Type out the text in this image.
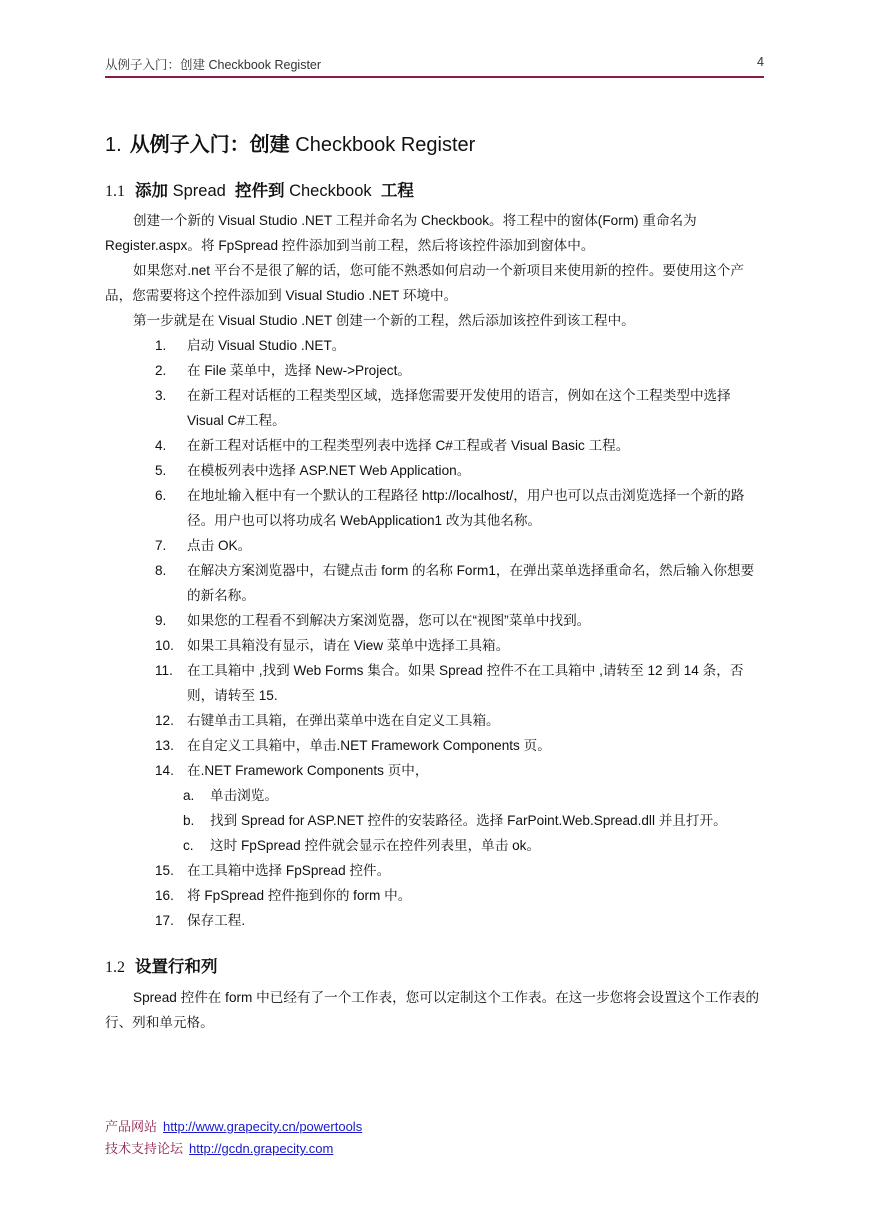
从例子入门：创建 Checkbook Register	4
1. 从例子入门：创建 Checkbook Register
1.1 添加 Spread 控件到 Checkbook 工程
创建一个新的 Visual Studio .NET 工程并命名为 Checkbook。将工程中的窗体(Form) 重命名为 Register.aspx。将 FpSpread 控件添加到当前工程，然后将该控件添加到窗体中。
如果您对.net 平台不是很了解的话，您可能不熟悉如何启动一个新项目来使用新的控件。要使用这个产品，您需要将这个控件添加到 Visual Studio .NET 环境中。
第一步就是在 Visual Studio .NET 创建一个新的工程，然后添加该控件到该工程中。
1. 启动 Visual Studio .NET。
2. 在 File 菜单中，选择 New->Project。
3. 在新工程对话框的工程类型区域，选择您需要开发使用的语言，例如在这个工程类型中选择 Visual C#工程。
4. 在新工程对话框中的工程类型列表中选择 C#工程或者 Visual Basic 工程。
5. 在模板列表中选择 ASP.NET Web Application。
6. 在地址输入框中有一个默认的工程路径 http://localhost/，用户也可以点击浏览选择一个新的路径。用户也可以将功成名 WebApplication1 改为其他名称。
7. 点击 OK。
8. 在解决方案浏览器中，右键点击 form 的名称 Form1，在弹出菜单选择重命名，然后输入你想要的新名称。
9. 如果您的工程看不到解决方案浏览器，您可以在“视图”菜单中找到。
10. 如果工具箱没有显示，请在 View 菜单中选择工具箱。
11. 在工具箱中 ,找到 Web Forms 集合。如果 Spread 控件不在工具箱中 ,请转至 12 到 14 条，否则，请转至 15.
12. 右键单击工具箱，在弹出菜单中选在自定义工具箱。
13. 在自定义工具箱中，单击.NET Framework Components 页。
14. 在.NET Framework Components 页中，
a. 单击浏览。
b. 找到 Spread for ASP.NET 控件的安装路径。选择 FarPoint.Web.Spread.dll 并且打开。
c. 这时 FpSpread 控件就会显示在控件列表里，单击 ok。
15. 在工具箱中选择 FpSpread 控件。
16. 将 FpSpread 控件拖到你的 form 中。
17. 保存工程.
1.2 设置行和列
Spread 控件在 form 中已经有了一个工作表，您可以定制这个工作表。在这一步您将会设置这个工作表的行、列和单元格。
产品网站 http://www.grapecity.cn/powertools
技术支持论坛 http://gcdn.grapecity.com
